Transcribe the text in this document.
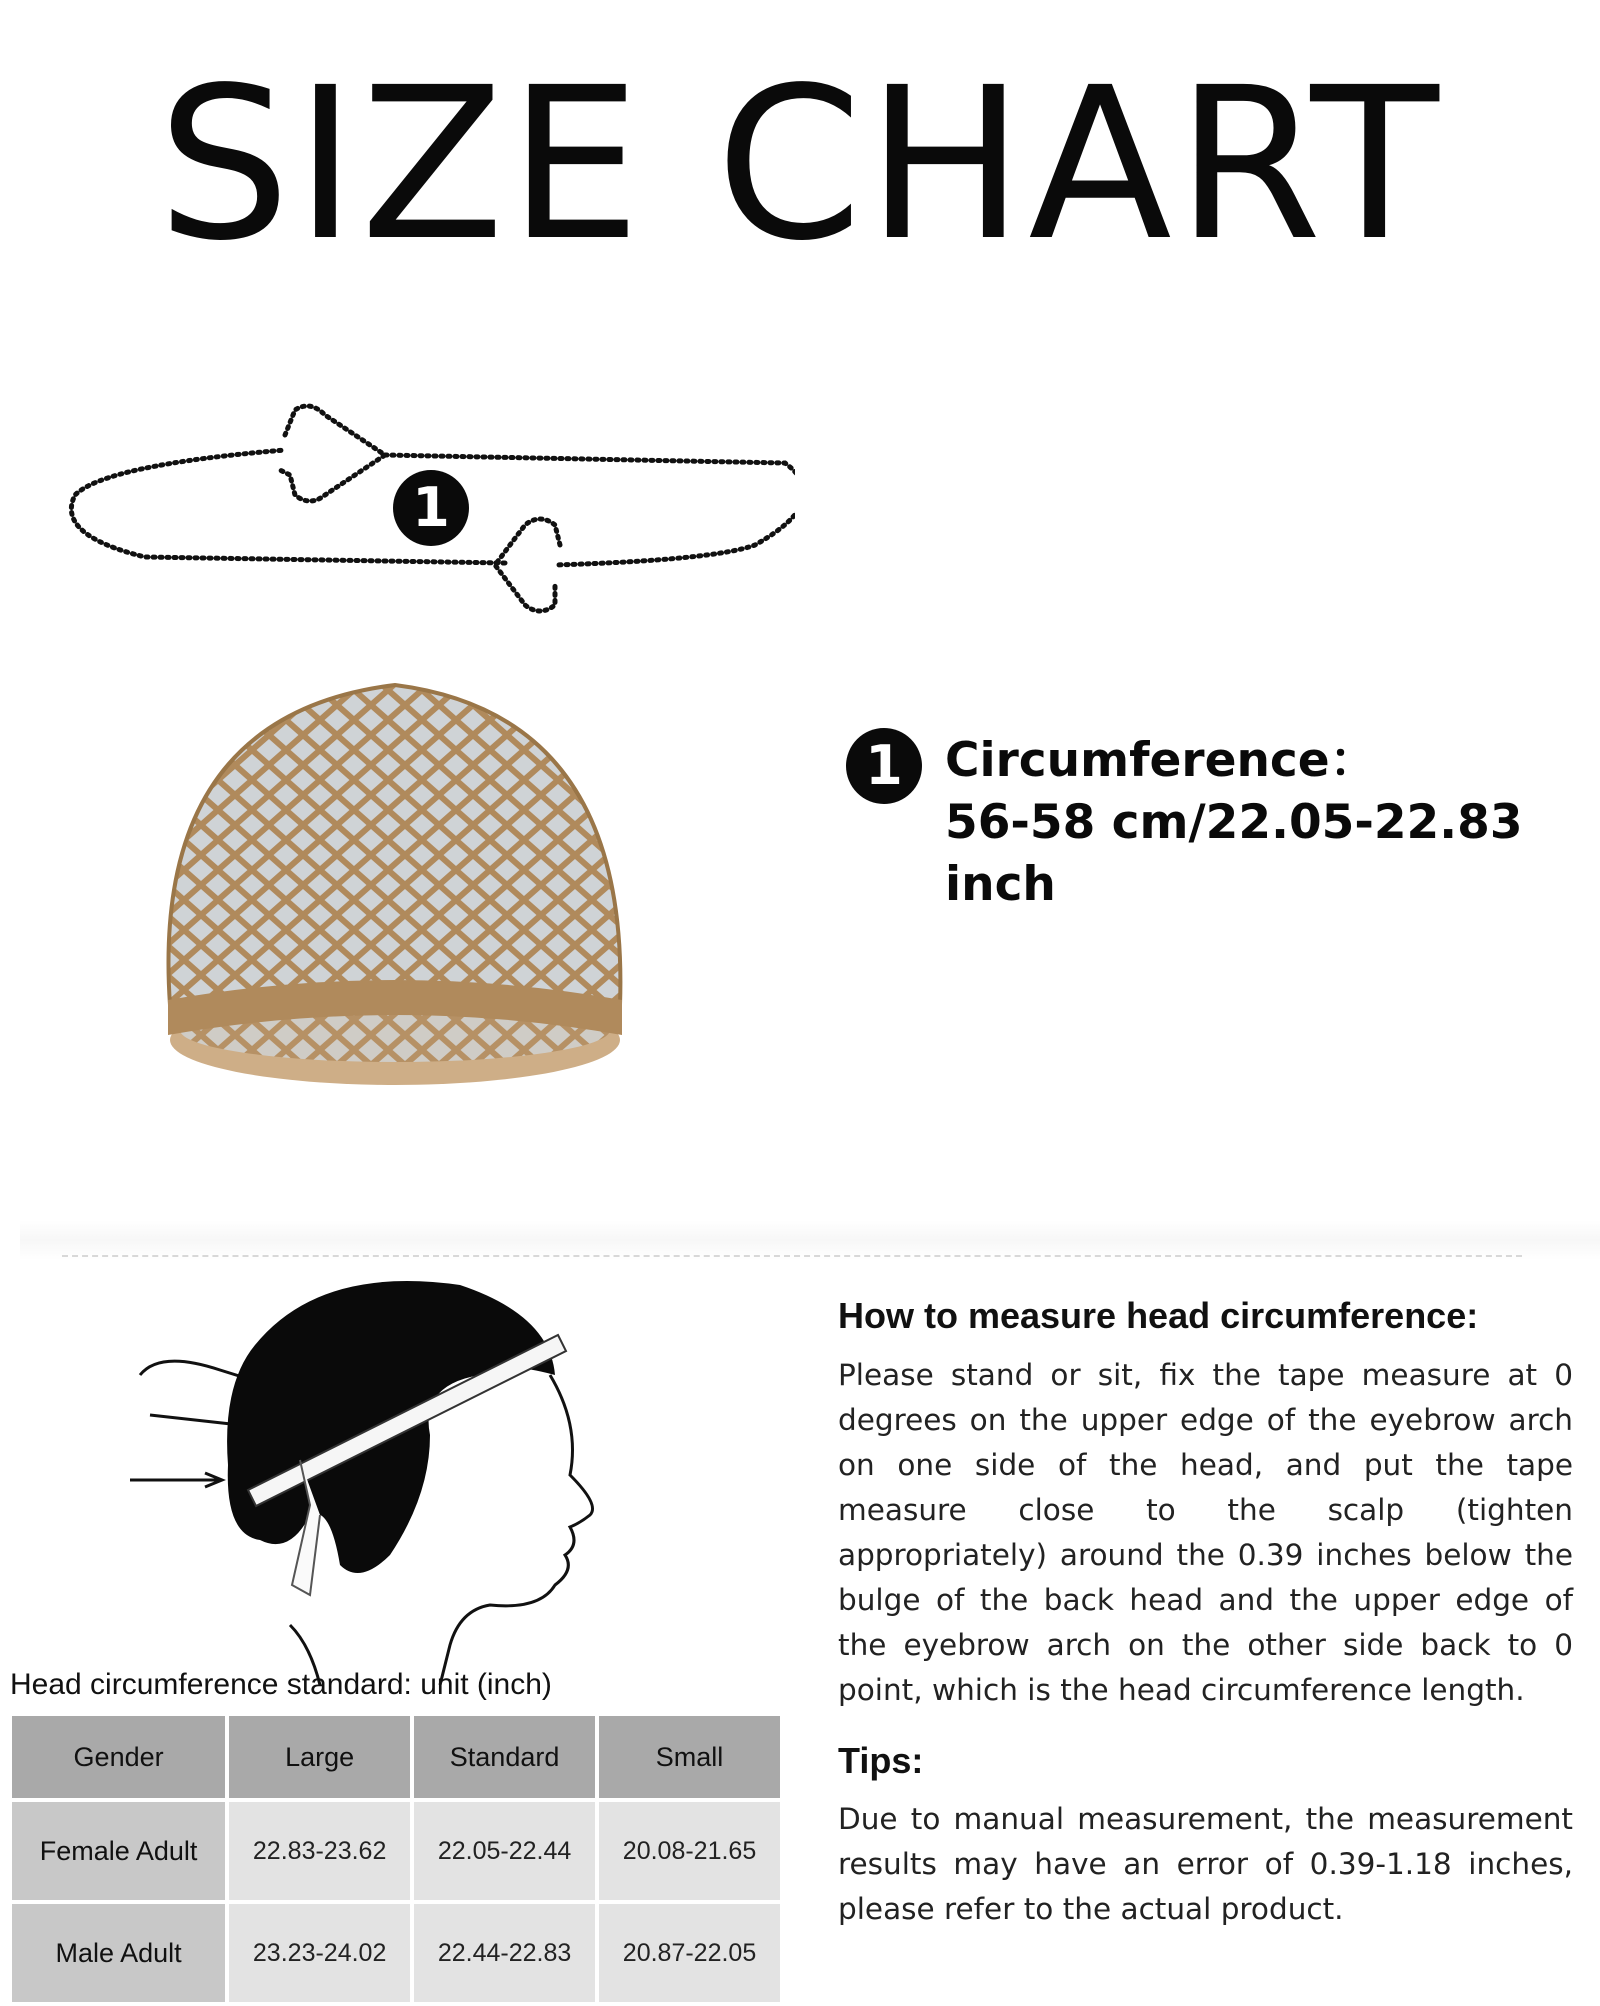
SIZE CHART
1
1 Circumference：
56-58 cm/22.05-22.83 inch
Head circumference standard: unit (inch)
Gender	Large	Standard	Small
Female Adult	22.83-23.62	22.05-22.44	20.08-21.65
Male Adult	23.23-24.02	22.44-22.83	20.87-22.05
How to measure head circumference:
Please stand or sit, fix the tape measure at 0 degrees on the upper edge of the eyebrow arch on one side of the head, and put the tape measure close to the scalp (tighten appropriately) around the 0.39 inches below the bulge of the back head and the upper edge of the eyebrow arch on the other side back to 0 point, which is the head circumference length.
Tips:
Due to manual measurement, the measurement results may have an error of 0.39-1.18 inches, please refer to the actual product.
